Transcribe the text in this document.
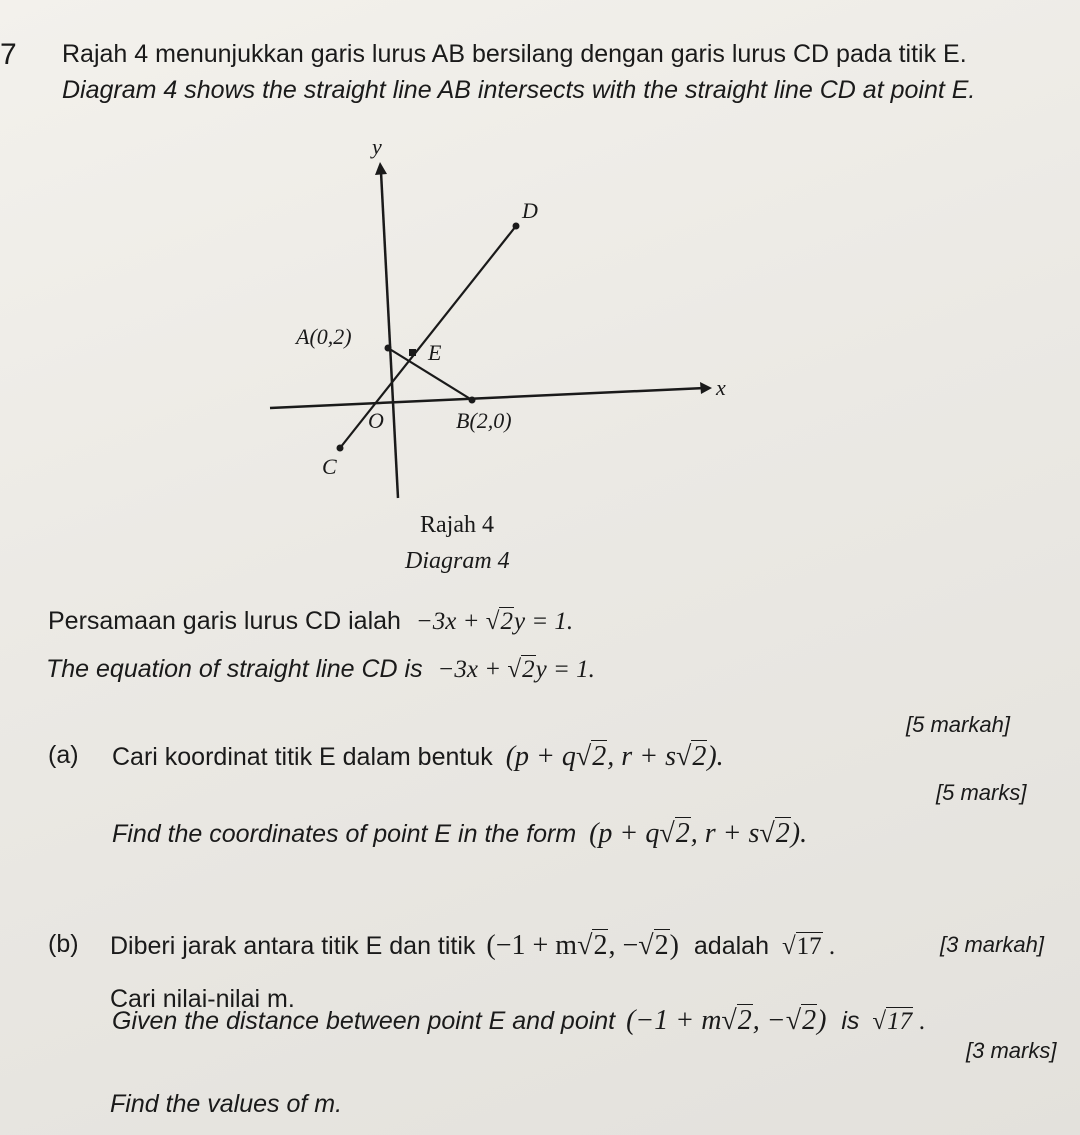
7 Rajah 4 menunjukkan garis lurus AB bersilang dengan garis lurus CD pada titik E.
Diagram 4 shows the straight line AB intersects with the straight line CD at point E.
y
x
D
A(0,2)
E
O	B(2,0)
C
Rajah 4
Diagram 4
Persamaan garis lurus CD ialah −3x + √2y = 1.
The equation of straight line CD is −3x + √2y = 1.
[5 markah]
(a) Cari koordinat titik E dalam bentuk (p + q√2, r + s√2).
Find the coordinates of point E in the form (p + q√2, r + s√2).
[5 marks]
(b) Diberi jarak antara titik E dan titik (−1 + m√2, −√2) adalah √17 .	[3 markah]
Cari nilai-nilai m.
Given the distance between point E and point (−1 + m√2, −√2) is √17 .
[3 marks]
Find the values of m.
